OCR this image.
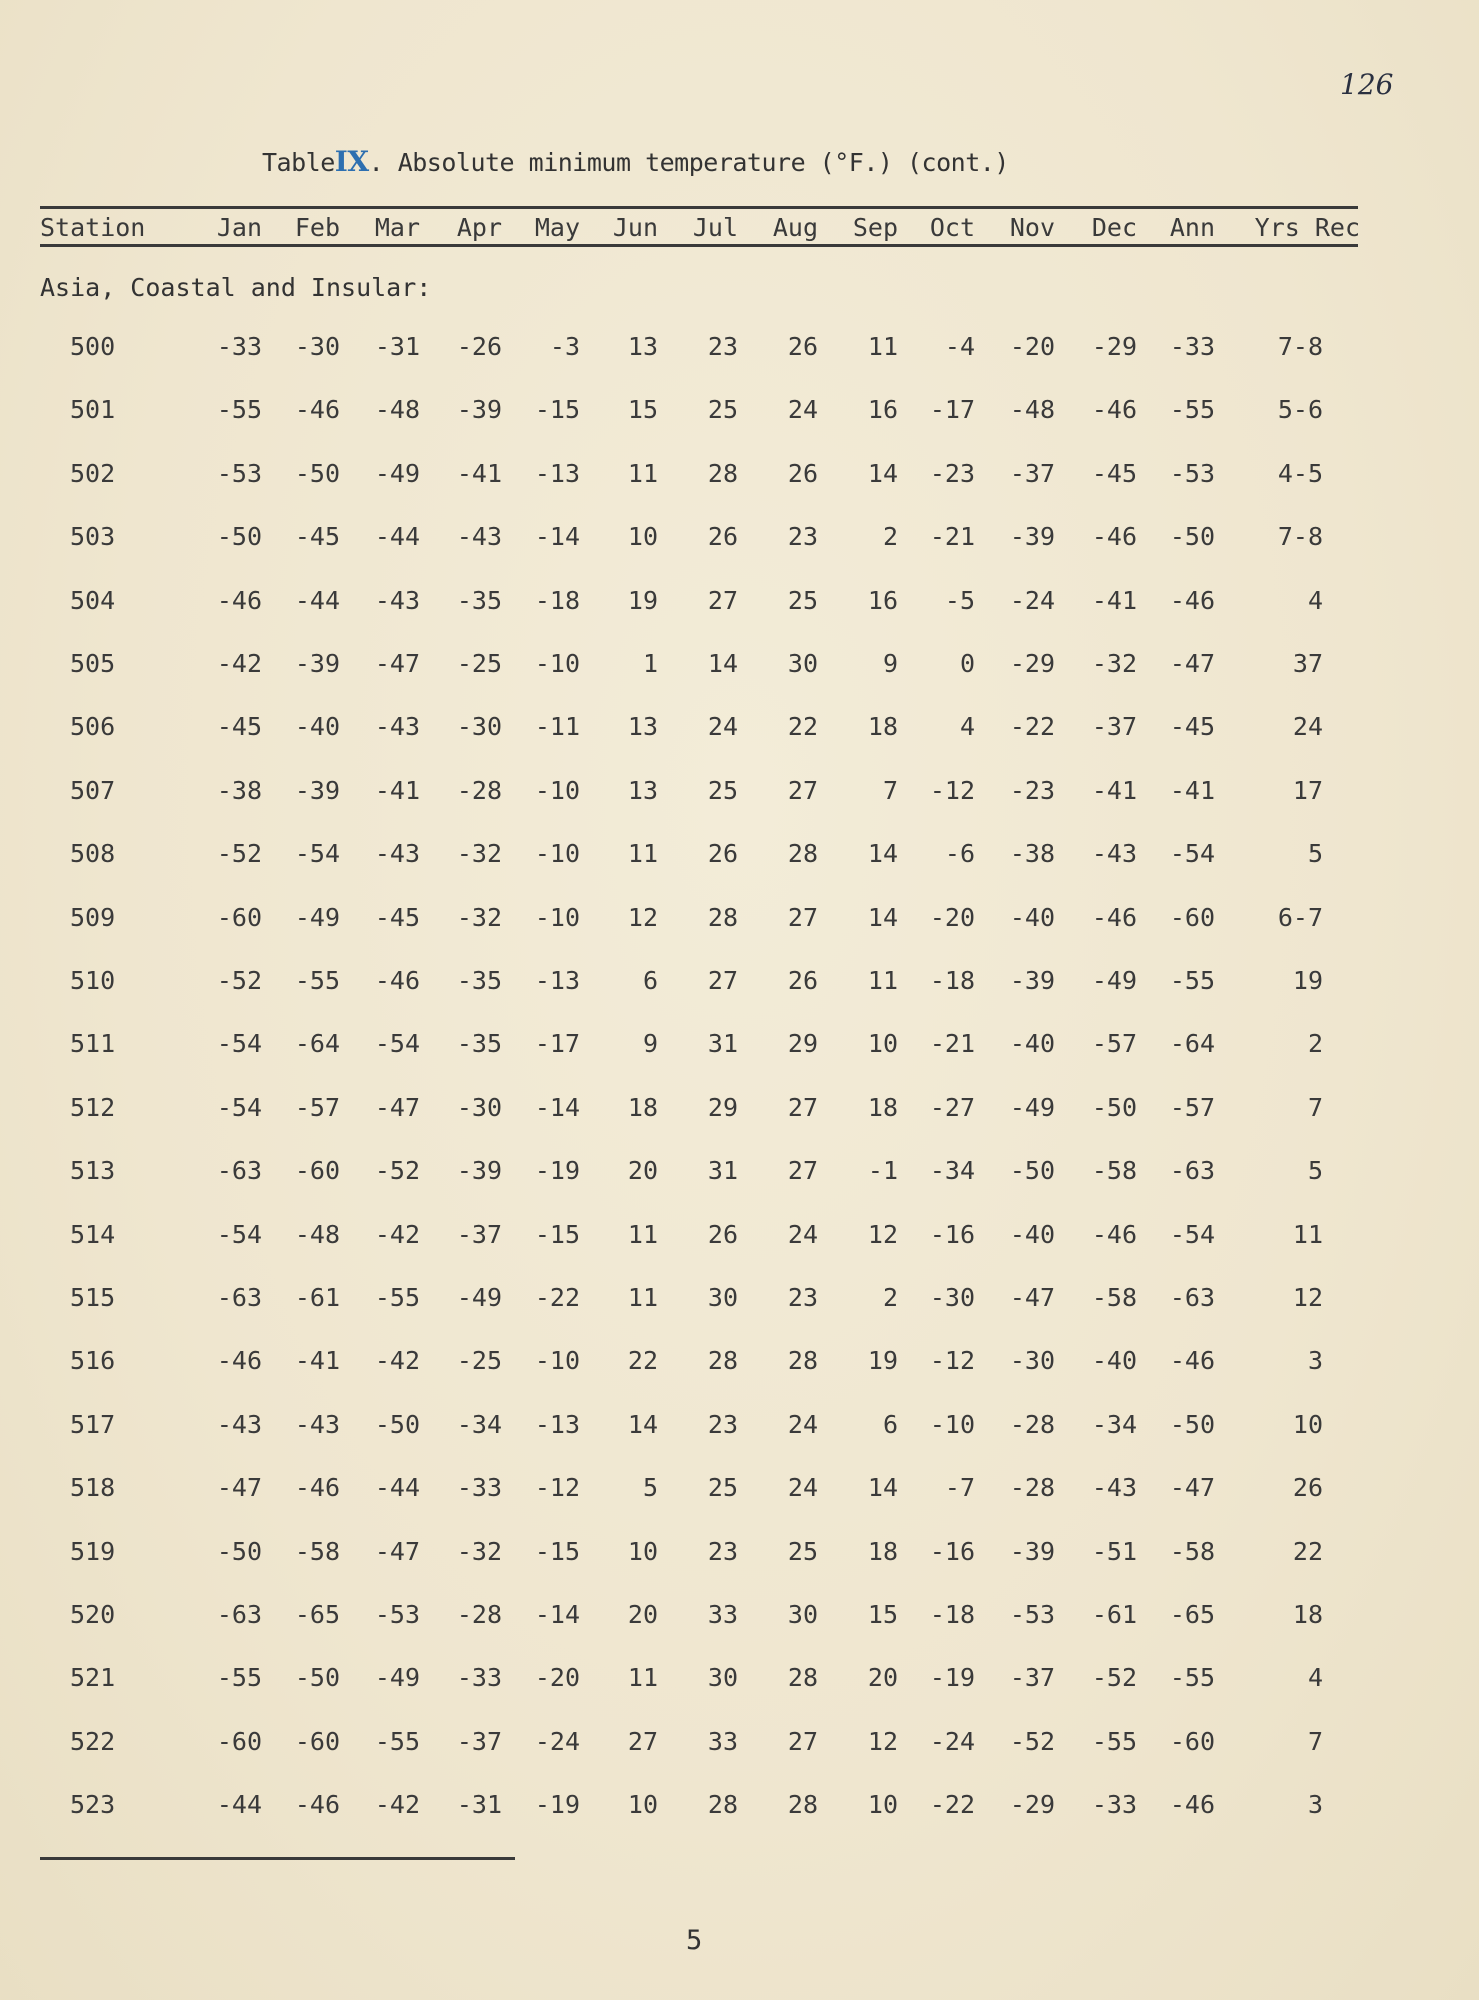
126
TableIX. Absolute minimum temperature (°F.) (cont.)
Station	Jan	Feb	Mar	Apr	May	Jun	Jul	Aug	Sep	Oct	Nov	Dec	Ann	Yrs Rec
Asia, Coastal and Insular:
500	-33	-30	-31	-26	-3	13	23	26	11	-4	-20	-29	-33	7-8
501	-55	-46	-48	-39	-15	15	25	24	16	-17	-48	-46	-55	5-6
502	-53	-50	-49	-41	-13	11	28	26	14	-23	-37	-45	-53	4-5
503	-50	-45	-44	-43	-14	10	26	23	2	-21	-39	-46	-50	7-8
504	-46	-44	-43	-35	-18	19	27	25	16	-5	-24	-41	-46	4
505	-42	-39	-47	-25	-10	1	14	30	9	0	-29	-32	-47	37
506	-45	-40	-43	-30	-11	13	24	22	18	4	-22	-37	-45	24
507	-38	-39	-41	-28	-10	13	25	27	7	-12	-23	-41	-41	17
508	-52	-54	-43	-32	-10	11	26	28	14	-6	-38	-43	-54	5
509	-60	-49	-45	-32	-10	12	28	27	14	-20	-40	-46	-60	6-7
510	-52	-55	-46	-35	-13	6	27	26	11	-18	-39	-49	-55	19
511	-54	-64	-54	-35	-17	9	31	29	10	-21	-40	-57	-64	2
512	-54	-57	-47	-30	-14	18	29	27	18	-27	-49	-50	-57	7
513	-63	-60	-52	-39	-19	20	31	27	-1	-34	-50	-58	-63	5
514	-54	-48	-42	-37	-15	11	26	24	12	-16	-40	-46	-54	11
515	-63	-61	-55	-49	-22	11	30	23	2	-30	-47	-58	-63	12
516	-46	-41	-42	-25	-10	22	28	28	19	-12	-30	-40	-46	3
517	-43	-43	-50	-34	-13	14	23	24	6	-10	-28	-34	-50	10
518	-47	-46	-44	-33	-12	5	25	24	14	-7	-28	-43	-47	26
519	-50	-58	-47	-32	-15	10	23	25	18	-16	-39	-51	-58	22
520	-63	-65	-53	-28	-14	20	33	30	15	-18	-53	-61	-65	18
521	-55	-50	-49	-33	-20	11	30	28	20	-19	-37	-52	-55	4
522	-60	-60	-55	-37	-24	27	33	27	12	-24	-52	-55	-60	7
523	-44	-46	-42	-31	-19	10	28	28	10	-22	-29	-33	-46	3
5
